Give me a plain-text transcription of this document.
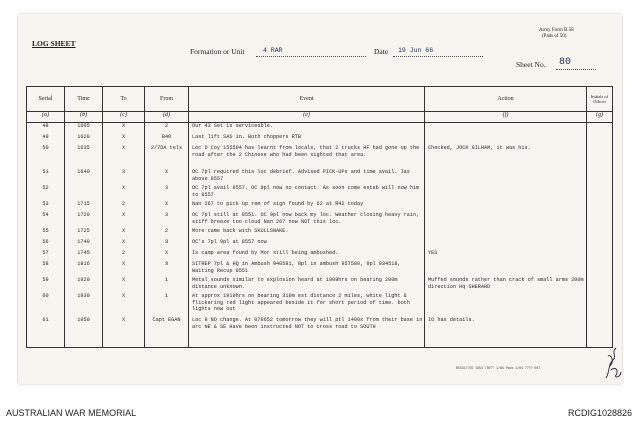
LOG SHEET
Army Form B.58
(Pads of 50)
Formation or Unit	4 RAR	Date 19 Jun 66
Sheet No. 80
Serial	Time	To	From	Event	Action	Initials of Officer
(a)	(b)	(c)	(d)	(e)	(f)	(g)
48	1605	X	2	Our 43 Set is serviceable.		
49	1620	X	B40	Last lift SAS in. Both choppers RTB		
50	1635	X	2/7DA tels	Loc D Coy 155594 has learnt from locals, that 2 trucks HF had gone up the road after the 2 Chinese who had been sighted that area.	Checked, JOCK GILHAM, it was his.	
51	1640	3	X	OC 7pl required this loc debrief. Advised PICK-UPs and time avail. Ias above 8557		
52		X	3	OC 7pl avail 8557. OC 9pl now no contact. As soon come estab will now him to 8557		
53	1715	2	X	Nan 267 to pick up rem of sign found by 62 at R42 today		
54	1720	X	3	OC 7pl still at 8551. OC 9pl now back my loc. Weather closing heavy rain, stiff breeze too cloud Nan 267 now NOT this loc.		
55	1725	X	2	More came back with SKULLSNAKE.		
56	1740	X	3	OC's 7pl 9pl at 8557 now		
57	1745	2	X	Is camp area found by Mor still being ambushed.	YES	
58	1816	X	3	SITREP 7pl & HQ in Ambush 940581, 8pl in ambush 957580, 9pl 934518, Waiting Recup 8551		
59	1920	X	1	Metal sounds similar to explosion heard at 1909hrs on bearing 200m distance unknown.	Muffed sounds rather than crack of small arms 200m direction Hq SHERARD	
60	1930	X	1	At approx 1919hrs on bearing 310m est distance 2 miles, white light & flickering red light appeared beside it for short period of time. both lights now out		
61	1950	X	Capt EGAN	Loc 8 NO change. At 078652 tomorrow they will ptl 1400x from their base in arc NE & SE Have been instructed NOT to cross road to SOUTH	IO has details.	

B55317/55 1954 /30?? 1/66 Pads 1/64 ???? 067
AUSTRALIAN WAR MEMORIAL	RCDIG1028826
